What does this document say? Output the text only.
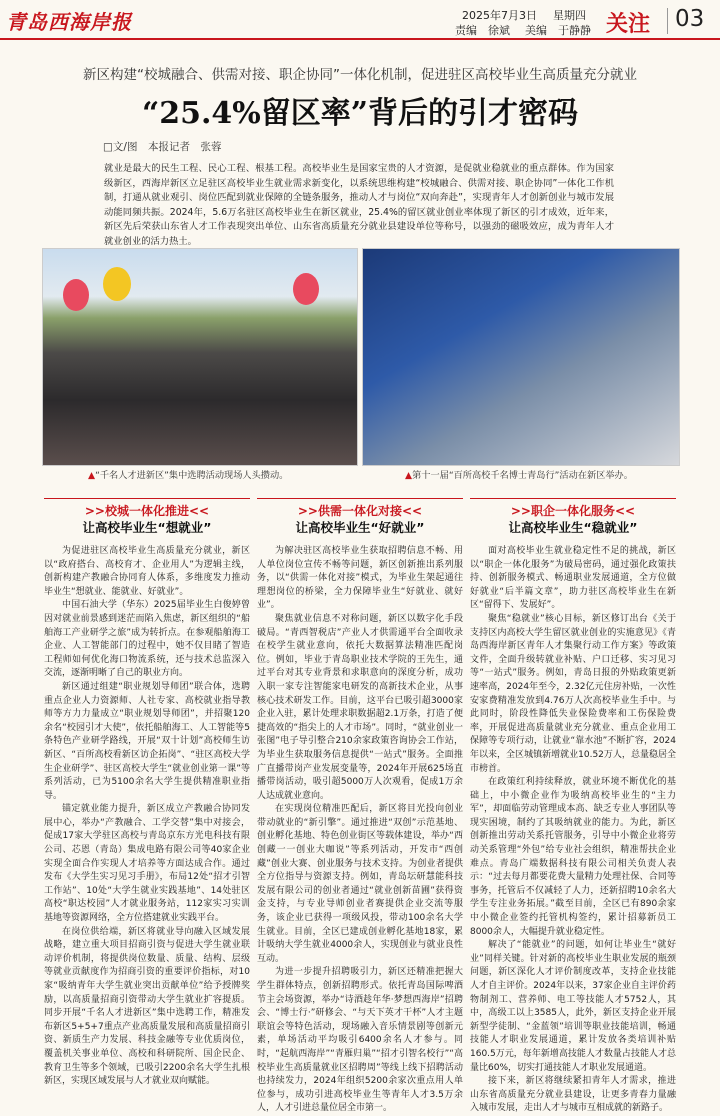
青岛西海岸报	2025年7月3日 星期四
责编　徐斌 美编　于静静 关注 03
新区构建“校城融合、供需对接、职企协同”一体化机制，促进驻区高校毕业生高质量充分就业
“25.4%留区率”背后的引才密码
□文/图　本报记者　张蓉
就业是最大的民生工程、民心工程、根基工程。高校毕业生是国家宝贵的人才资源，是促就业稳就业的重点群体。作为国家级新区，西海岸新区立足驻区高校毕业生就业需求新变化，以系统思维构建“校城融合、供需对接、职企协同”一体化工作机制，打通从就业观引、岗位匹配到就业保障的全链条服务，推动人才与岗位“双向奔赴”，实现青年人才创新创业与城市发展动能同频共振。2024年，5.6万名驻区高校毕业生在新区就业，25.4%的留区就业创业率体现了新区的引才成效，近年来，新区先后荣获山东省人才工作表现突出单位、山东省高质量充分就业县建设单位等称号，以强劲的磁吸效应，成为青年人才就业创业的活力热土。
▲“千名人才进新区”集中选聘活动现场人头攒动。	▲第十一届“百所高校千名博士青岛行”活动在新区举办。
>>校城一体化推进<<	>>供需一体化对接<<	>>职企一体化服务<<
让高校毕业生“想就业”	让高校毕业生“好就业”	让高校毕业生“稳就业”

为促进驻区高校毕业生高质量充分就业，新区以“政府搭台、高校育才、企业用人”为逻辑主线，创新构建产教融合协同育人体系，多维度发力推动毕业生“想就业、能就业、好就业”。

中国石油大学（华东）2025届毕业生白俊婷曾因对就业前景感到迷茫而陷入焦虑，新区组织的“船舶海工产业研学之旅”成为转折点。在参观船舶海工企业、人工智能部门的过程中，她不仅目睹了智造工程师如何优化海口物流系统，还与技术总监深入交流，逐渐明晰了自己的职业方向。

新区通过组建“职业规划导师团”联合体，选聘重点企业人力资源师、人社专家、高校就业指导教师等方力力量成立“职业规划导师团”，并招聚120余名“校园引才大使”，依托船舶海工、人工智能等5条特色产业研学路线，开展“双十计划”高校师生访新区、“百所高校看新区访企拓岗”、“驻区高校大学生企业研学”、驻区高校大学生“就业创业第一课”等系列活动，已为5100余名大学生提供精准职业指导。

锚定就业能力提升，新区成立产教融合协同发展中心，举办“产教融合、工学交替”集中对接会，促成17家大学驻区高校与青岛京东方光电科技有限公司、芯恩（青岛）集成电路有限公司等40家企业实现全面合作实现人才培养等方面达成合作。通过发布《大学生实习见习手册》，布局12处“招才引智工作站”、10处“大学生就业实践基地”、14处驻区高校“职达校园”人才就业服务站，112家实习实训基地等资源网络，全方位搭建就业实践平台。

在岗位供给端，新区将就业导向融入区域发展战略，建立重大项目招商引资与促进大学生就业联动评价机制，将提供岗位数量、质量、结构、层级等就业贡献度作为招商引资的重要评价指标，对10家“吸纳青年大学生就业突出贡献单位”给予授牌奖励，以高质量招商引资带动大学生就业扩容提质。同步开展“千名人才进新区”集中选聘工作，精准发布新区5+5+7重点产业高质量发展和高质量招商引资、新质生产力发展、科技金融等专业优质岗位，覆盖机关事业单位、高校和科研院所、国企民企、教育卫生等多个领域，已吸引2200余名大学生扎根新区，实现区域发展与人才就业双向赋能。

为解决驻区高校毕业生获取招聘信息不畅、用人单位岗位宣传不畅等问题，新区创新推出系列服务，以“供需一体化对接”模式，为毕业生架起通往理想岗位的桥梁，全力保障毕业生“好就业、就好业”。

聚焦就业信息不对称问题，新区以数字化手段破局。“青西智税店”产业人才供需通平台全面收录在校学生就业意向，依托大数据算法精准匹配岗位。例如，毕业于青岛职业技术学院的王先生，通过平台对其专业背景和求职意向的深度分析，成功入职一家专注智能家电研发的高新技术企业，从事核心技术研发工作。目前，这平台已吸引超3000家企业入驻，累计处理求职数据超2.1万条，打造了便捷高效的“指尖上的人才市场”。同时，“就业创业一张图”电子导引整合210余家政策咨询协会工作站，为毕业生获取服务信息提供“一站式”服务。全面推广直播带岗产业发展变量等，2024年开展625场直播带岗活动，吸引超5000万人次观看，促成1万余人达成就业意向。

在实现岗位精准匹配后，新区将目光投向创业带动就业的“新引擎”。通过推进“双创”示范基地、创业孵化基地、特色创业街区等载体建设，举办“西创藏一一创业大咖说”等系列活动，开发市“西创藏”创业大赛、创业服务与技术支持。为创业者提供全方位指导与资源支持。例如，青岛坛研慧能科技发展有限公司的创业者通过“就业创新苗圃”获得资金支持，与专业导师创业者赛提供企业交流等服务，该企业已获得一项级风投，带动100余名大学生就业。目前，全区已建成创业孵化基地18家，累计吸纳大学生就业4000余人，实现创业与就业良性互动。

为进一步提升招聘吸引力，新区还精准把握大学生群体特点，创新招聘形式。依托青岛国际啤酒节主会场资源，举办“诗酒趁年华·梦想西海岸”招聘会、“博士行·”研修会、“与天下英才干杯”人才主题联谊会等特色活动，现场融入音乐情景剧等创新元素，单场活动平均吸引6400余名人才参与。同时，“起航西海岸”“青雁归巢”“招才引智名校行”“高校毕业生高质量就业区招聘周”等线上线下招聘活动也持续发力，2024年组织5200余家次重点用人单位参与，成功引进高校毕业生等青年人才3.5万余人，人才引进总量位居全市第一。

面对高校毕业生就业稳定性不足的挑战，新区以“职企一体化服务”为破局密码，通过强化政策扶持、创新服务模式、畅通职业发展通道，全方位做好就业“后半篇文章”，助力驻区高校毕业生在新区“留得下、发展好”。

聚焦“稳就业”核心目标，新区修订出台《关于支持区内高校大学生留区就业创业的实施意见》《青岛西海岸新区青年人才集聚行动工作方案》等政策文件，全面升级转就业补贴、户口迁移、实习见习等“一站式”服务。例如，青岛日报的外贴政策更新速率高，2024年至今，2.32亿元住房补贴，一次性安家费精准发放到4.76万人次高校毕业生手中。与此同时，阶段性降低失业保险费率和工伤保险费率，开展促进高质量就业充分就业、重点企业用工保障等专项行动，让就业“靠水池”不断扩容，2024年以来，全区城镇新增就业10.52万人，总量稳居全市榜首。

在政策红利持续释放，就业环境不断优化的基础上，中小微企业作为吸纳高校毕业生的“主力军”，却面临劳动管理成本高、缺乏专业人事团队等现实困境，制约了其吸纳就业的能力。为此，新区创新推出劳动关系托管服务，引导中小微企业将劳动关系管理“外包”给专业社会组织，精准帮扶企业难点。青岛广端数据科技有限公司相关负责人表示：“过去每月都要花费大量精力处理社保、合同等事务，托管后不仅减轻了人力，还新招聘10余名大学生专注业务拓展。”截至目前，全区已有890余家中小微企业签约托管机构签约，累计招募新员工8000余人，大幅提升就业稳定性。

解决了“能就业”的问题，如何让毕业生“就好业”同样关键。针对新的高校毕业生职业发展的瓶颈问题，新区深化人才评价制度改革，支持企业技能人才自主评价。2024年以来，37家企业自主评价药物制剂工、营养师、电工等技能人才5752人，其中，高级工以上3585人，此外，新区支持企业开展新型学徒制、“金蓝领”培训等职业技能培训，畅通技能人才职业发展通道，累计发放各类培训补贴160.5万元，每年新增高技能人才数量占技能人才总量比60%，切实打通技能人才职业发展通道。

接下来，新区将继续紧扣青年人才需求，推进山东省高质量充分就业县建设，让更多青春力量融入城市发展，走出人才与城市互相成就的新路子。
